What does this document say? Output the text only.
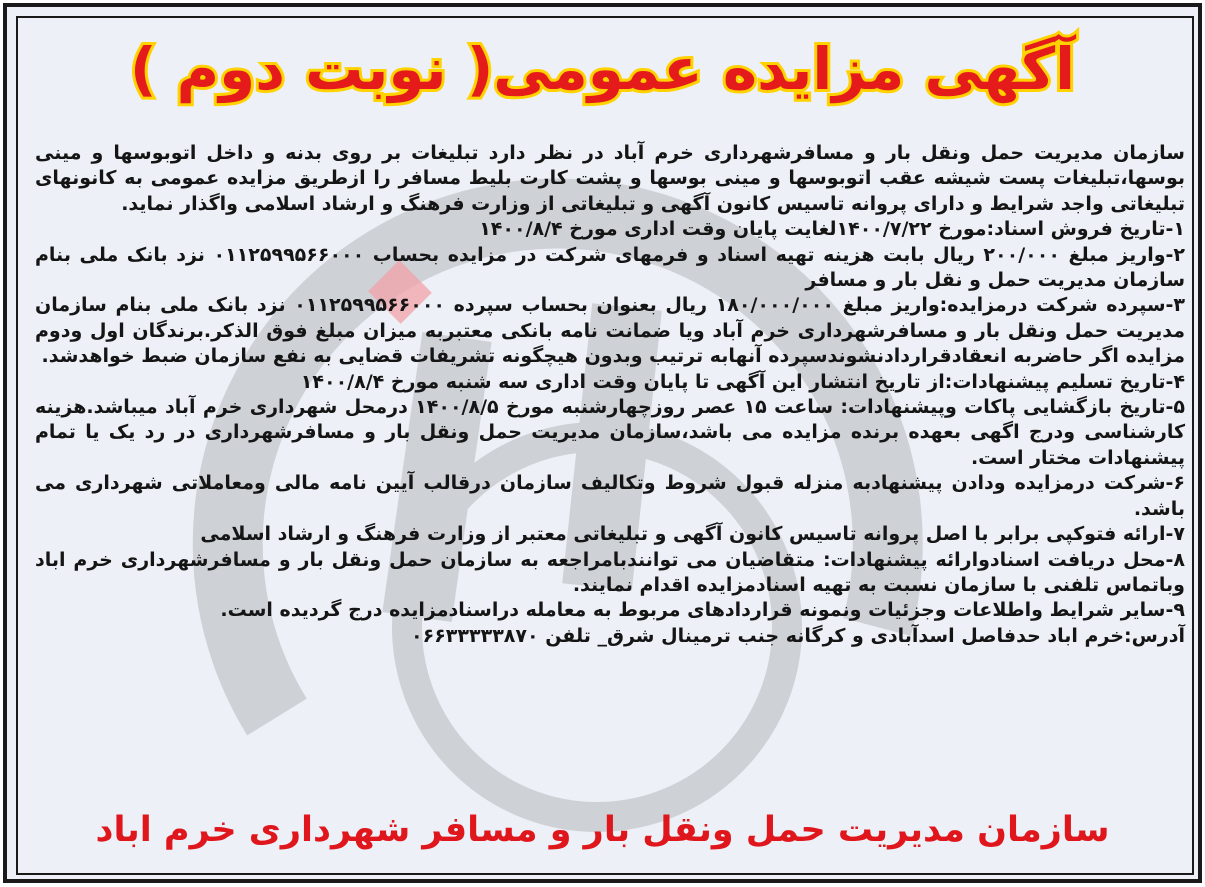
آگهی مزایده عمومی( نوبت دوم )

سازمان مدیریت حمل ونقل بار و مسافرشهرداری خرم آباد در نظر دارد تبلیغات بر روی بدنه و داخل اتوبوسها و مینی بوسها،تبلیغات پست شیشه عقب اتوبوسها و مینی بوسها و پشت کارت بلیط مسافر را ازطریق مزایده عمومی به کانونهای تبلیغاتی واجد شرایط و دارای پروانه تاسیس کانون آگهی و تبلیغاتی از وزارت فرهنگ و ارشاد اسلامی واگذار نماید.

۱-تاریخ فروش اسناد:مورخ ۱۴۰۰/۷/۲۲لغایت پایان وقت اداری مورخ ۱۴۰۰/۸/۴

۲-واریز مبلغ ۲۰۰/۰۰۰ ریال بابت هزینه تهیه اسناد و فرمهای شرکت در مزایده بحساب ۰۱۱۲۵۹۹۵۶۶۰۰۰ نزد بانک ملی بنام سازمان مدیریت حمل و نقل بار و مسافر

۳-سپرده شرکت درمزایده:واریز مبلغ ۱۸۰/۰۰۰/۰۰۰ ریال بعنوان بحساب سپرده ۰۱۱۲۵۹۹۵۶۶۰۰۰ نزد بانک ملی بنام سازمان مدیریت حمل ونقل بار و مسافرشهرداری خرم آباد ویا ضمانت نامه بانکی معتبربه میزان مبلغ فوق الذکر.برندگان اول ودوم مزایده اگر حاضربه انعقادقراردادنشوندسپرده آنهابه ترتیب وبدون هیچگونه تشریفات قضایی به نفع سازمان ضبط خواهدشد.

۴-تاریخ تسلیم پیشنهادات:از تاریخ انتشار این آگهی تا پایان وقت اداری سه شنبه مورخ ۱۴۰۰/۸/۴

۵-تاریخ بازگشایی پاکات وپیشنهادات: ساعت ۱۵ عصر روزچهارشنبه مورخ ۱۴۰۰/۸/۵ درمحل شهرداری خرم آباد میباشد.هزینه کارشناسی ودرج اگهی بعهده برنده مزایده می باشد،سازمان مدیریت حمل ونقل بار و مسافرشهرداری در رد یک یا تمام پیشنهادات مختار است.

۶-شرکت درمزایده ودادن پیشنهادبه منزله قبول شروط وتکالیف سازمان درقالب آیین نامه مالی ومعاملاتی شهرداری می باشد.

۷-ارائه فتوکپی برابر با اصل پروانه تاسیس کانون آگهی و تبلیغاتی معتبر از وزارت فرهنگ و ارشاد اسلامی

۸-محل دریافت اسنادوارائه پیشنهادات: متقاضیان می توانندبامراجعه به سازمان حمل ونقل بار و مسافرشهرداری خرم اباد وباتماس تلفنی با سازمان نسبت به تهیه اسنادمزایده اقدام نمایند.

۹-سایر شرایط واطلاعات وجزئیات ونمونه قراردادهای مربوط به معامله دراسنادمزایده درج گردیده است.

آدرس:خرم اباد حدفاصل اسدآبادی و کرگانه جنب ترمینال شرق_ تلفن ۰۶۶۳۳۳۳۳۸۷۰

سازمان مدیریت حمل ونقل بار و مسافر شهرداری خرم اباد
